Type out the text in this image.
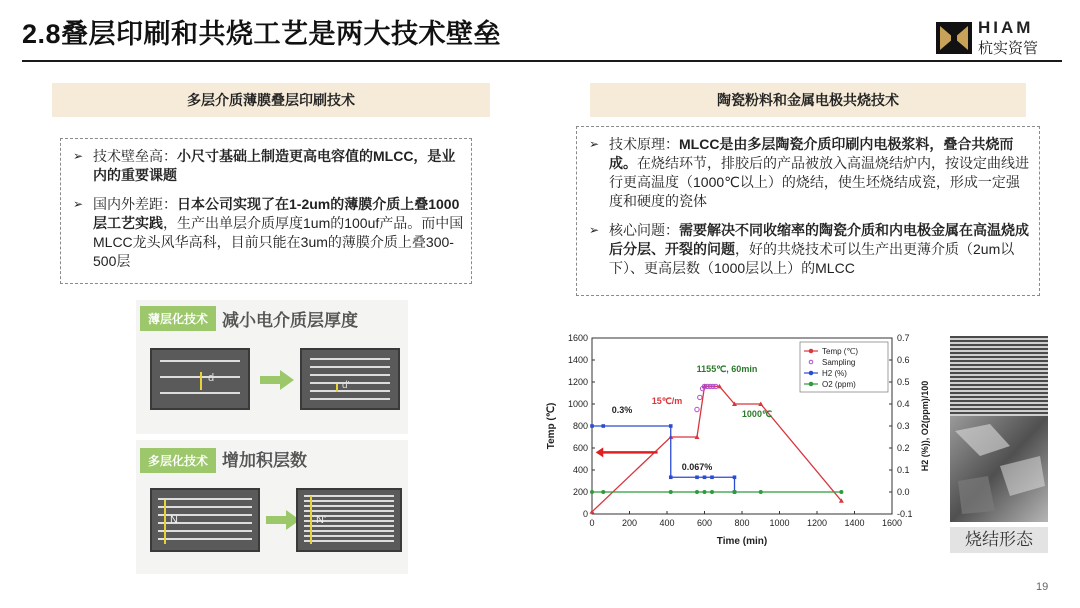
2.8叠层印刷和共烧工艺是两大技术壁垒	HIAM
杭实资管
多层介质薄膜叠层印刷技术
➢ 技术壁垒高：小尺寸基础上制造更高电容值的MLCC，是业内的重要课题
➢ 国内外差距：日本公司实现了在1-2um的薄膜介质上叠1000层工艺实践，生产出单层介质厚度1um的100uf产品。而中国MLCC龙头风华高科，目前只能在3um的薄膜介质上叠300-500层
薄层化技术 减小电介质层厚度
d
d'
多层化技术 增加积层数
N	N'
陶瓷粉料和金属电极共烧技术
➢ 技术原理：MLCC是由多层陶瓷介质印刷内电极浆料，叠合共烧而成。在烧结环节，排胶后的产品被放入高温烧结炉内，按设定曲线进行更高温度（1000℃以上）的烧结，使生坯烧结成瓷，形成一定强度和硬度的瓷体
➢ 核心问题：需要解决不同收缩率的陶瓷介质和内电极金属在高温烧成后分层、开裂的问题，好的共烧技术可以生产出更薄介质（2um以下）、更高层数（1000层以上）的MLCC
0	200 400 600 800 1000 1200 1400 1600
0
200
400
600
800
1000
1200
1400
1600
-0.1
0.0
0.1
0.2
0.3
0.4
0.5
0.6
0.7
Time (min)
Temp (℃)	H2 (%)), O2(ppm)/100
Temp (℃)
Sampling
H2 (%)
O2 (ppm)
1155℃, 60min
15℃/m
0.3%	1000℃
0.067%
烧结形态
19
